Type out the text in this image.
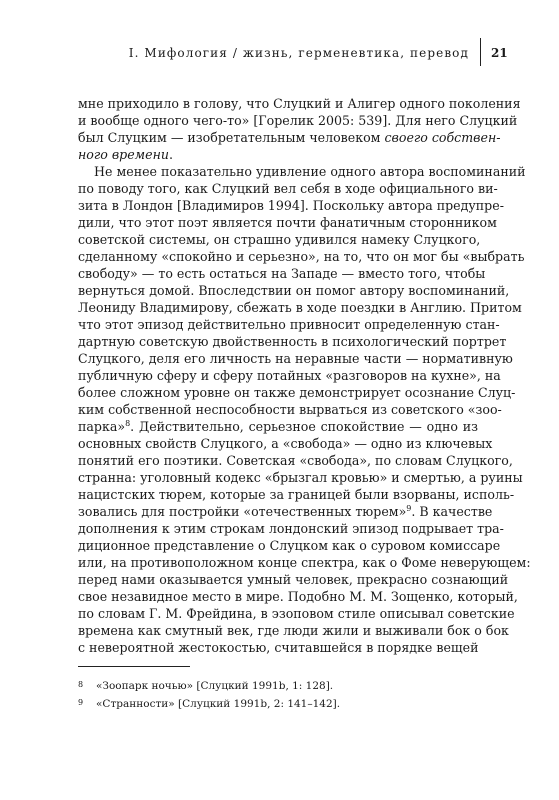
I. Мифология / жизнь, герменевтика, перевод 21
мне приходило в голову, что Слуцкий и Алигер одного поколения
и вообще одного чего-то» [Горелик 2005: 539]. Для него Слуцкий
был Слуцким — изобретательным человеком своего собствен-
ного времени.
Не менее показательно удивление одного автора воспоминаний
по поводу того, как Слуцкий вел себя в ходе официального ви-
зита в Лондон [Владимиров 1994]. Поскольку автора предупре-
дили, что этот поэт является почти фанатичным сторонником
советской системы, он страшно удивился намеку Слуцкого,
сделанному «спокойно и серьезно», на то, что он мог бы «выбрать
свободу» — то есть остаться на Западе — вместо того, чтобы
вернуться домой. Впоследствии он помог автору воспоминаний,
Леониду Владимирову, сбежать в ходе поездки в Англию. Притом
что этот эпизод действительно привносит определенную стан-
дартную советскую двойственность в психологический портрет
Слуцкого, деля его личность на неравные части — нормативную
публичную сферу и сферу потайных «разговоров на кухне», на
более сложном уровне он также демонстрирует осознание Слуц-
ким собственной неспособности вырваться из советского «зоо-
парка»$^8$. Действительно, серьезное спокойствие — одно из
основных свойств Слуцкого, а «свобода» — одно из ключевых
понятий его поэтики. Советская «свобода», по словам Слуцкого,
странна: уголовный кодекс «брызгал кровью» и смертью, а руины
нацистских тюрем, которые за границей были взорваны, исполь-
зовались для постройки «отечественных тюрем»$^9$. В качестве
дополнения к этим строкам лондонский эпизод подрывает тра-
диционное представление о Слуцком как о суровом комиссаре
или, на противоположном конце спектра, как о Фоме неверующем:
перед нами оказывается умный человек, прекрасно сознающий
свое незавидное место в мире. Подобно М. М. Зощенко, который,
по словам Г. М. Фрейдина, в эзоповом стиле описывал советские
времена как смутный век, где люди жили и выживали бок о бок
с невероятной жестокостью, считавшейся в порядке вещей
8 «Зоопарк ночью» [Слуцкий 1991b, 1: 128].
9 «Странности» [Слуцкий 1991b, 2: 141–142].
